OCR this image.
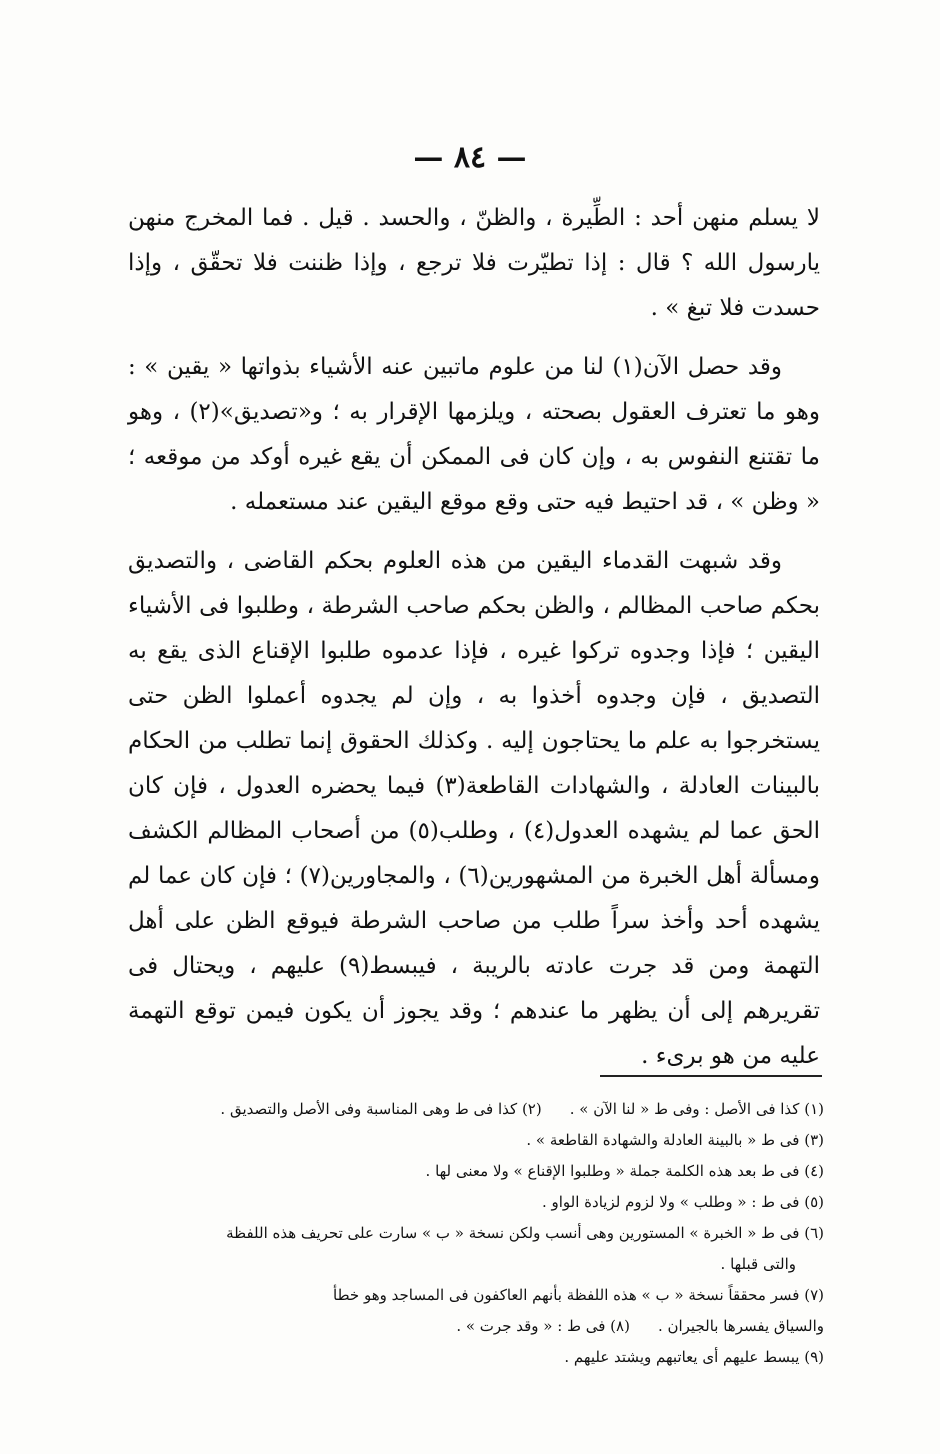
— ٨٤ —

لا يسلم منهن أحد : الطِّيرة ، والظنّ ، والحسد . قيل . فما المخرج منهن يارسول الله ؟ قال : إذا تطيّرت فلا ترجع ، وإذا ظننت فلا تحقّق ، وإذا حسدت فلا تبغ » .

وقد حصل الآن(١) لنا من علوم ماتبين عنه الأشياء بذواتها « يقين » : وهو ما تعترف العقول بصحته ، ويلزمها الإقرار به ؛ و«تصديق»(٢) ، وهو ما تقتنع النفوس به ، وإن كان فى الممكن أن يقع غيره أوكد من موقعه ؛ « وظن » ، قد احتيط فيه حتى وقع موقع اليقين عند مستعمله .

وقد شبهت القدماء اليقين من هذه العلوم بحكم القاضى ، والتصديق بحكم صاحب المظالم ، والظن بحكم صاحب الشرطة ، وطلبوا فى الأشياء اليقين ؛ فإذا وجدوه تركوا غيره ، فإذا عدموه طلبوا الإقناع الذى يقع به التصديق ، فإن وجدوه أخذوا به ، وإن لم يجدوه أعملوا الظن حتى يستخرجوا به علم ما يحتاجون إليه . وكذلك الحقوق إنما تطلب من الحكام بالبينات العادلة ، والشهادات القاطعة(٣) فيما يحضره العدول ، فإن كان الحق عما لم يشهده العدول(٤) ، وطلب(٥) من أصحاب المظالم الكشف ومسألة أهل الخبرة من المشهورين(٦) ، والمجاورين(٧) ؛ فإن كان عما لم يشهده أحد وأخذ سراً طلب من صاحب الشرطة فيوقع الظن على أهل التهمة ومن قد جرت عادته بالريبة ، فيبسط(٩) عليهم ، ويحتال فى تقريرهم إلى أن يظهر ما عندهم ؛ وقد يجوز أن يكون فيمن توقع التهمة عليه من هو برىء .

(١) كذا فى الأصل : وفى ط « لنا الآن » .(٢) كذا فى ط وهى المناسبة وفى الأصل والتصديق .
(٣) فى ط « بالبينة العادلة والشهادة القاطعة » .
(٤) فى ط بعد هذه الكلمة جملة « وطلبوا الإقناع » ولا معنى لها .
(٥) فى ط : « وطلب » ولا لزوم لزيادة الواو .
(٦) فى ط « الخبرة » المستورين وهى أنسب ولكن نسخة « ب » سارت على تحريف هذه اللفظة
والتى قبلها .
(٧) فسر محققاً نسخة « ب » هذه اللفظة بأنهم العاكفون فى المساجد وهو خطأ
والسياق يفسرها بالجيران .(٨) فى ط : « وقد جرت » .
(٩) يبسط عليهم أى يعاتبهم ويشتد عليهم .
